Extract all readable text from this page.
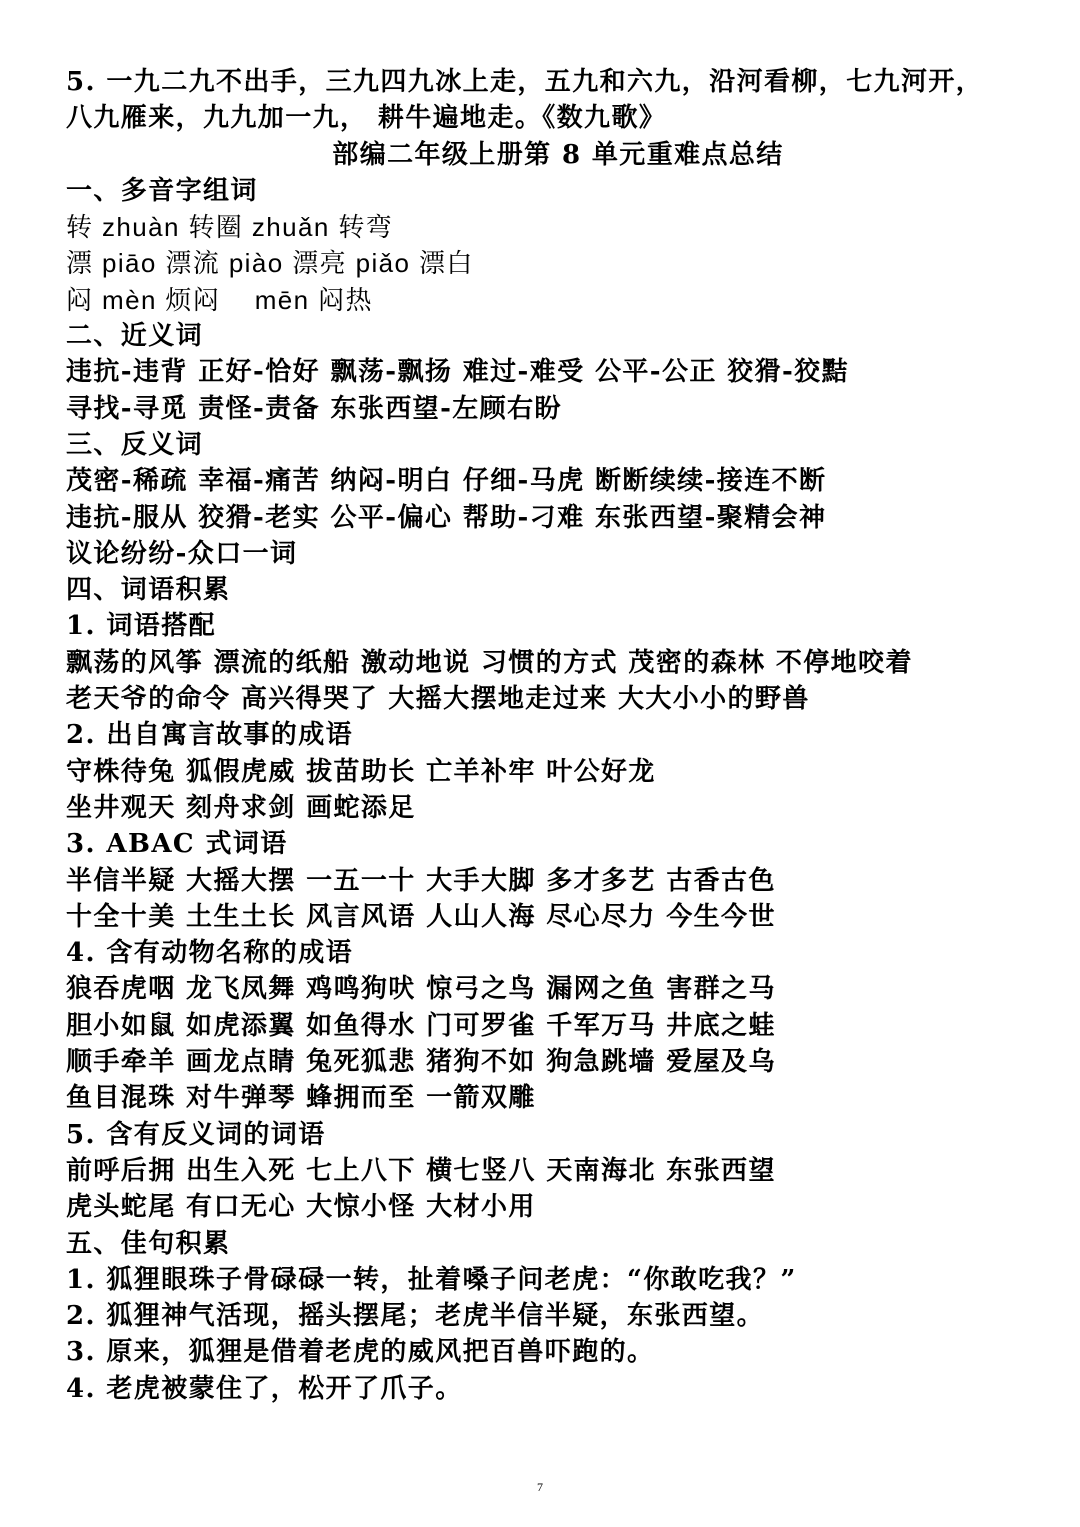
5. 一九二九不出手，三九四九冰上走，五九和六九，沿河看柳，七九河开，
八九雁来，九九加一九， 耕牛遍地走。《数九歌》
部编二年级上册第 8 单元重难点总结
一、多音字组词
转 zhuàn 转圈 zhuǎn 转弯
漂 piāo 漂流 piào 漂亮 piǎo 漂白
闷 mèn 烦闷    mēn 闷热
二、近义词
违抗-违背 正好-恰好 飘荡-飘扬 难过-难受 公平-公正 狡猾-狡黠
寻找-寻觅 责怪-责备 东张西望-左顾右盼
三、反义词
茂密-稀疏 幸福-痛苦 纳闷-明白 仔细-马虎 断断续续-接连不断
违抗-服从 狡猾-老实 公平-偏心 帮助-刁难 东张西望-聚精会神
议论纷纷-众口一词
四、词语积累
1. 词语搭配
飘荡的风筝 漂流的纸船 激动地说 习惯的方式 茂密的森林 不停地咬着
老天爷的命令 高兴得哭了 大摇大摆地走过来 大大小小的野兽
2. 出自寓言故事的成语
守株待兔 狐假虎威 拔苗助长 亡羊补牢 叶公好龙
坐井观天 刻舟求剑 画蛇添足
3. ABAC 式词语
半信半疑 大摇大摆 一五一十 大手大脚 多才多艺 古香古色
十全十美 土生土长 风言风语 人山人海 尽心尽力 今生今世
4. 含有动物名称的成语
狼吞虎咽 龙飞凤舞 鸡鸣狗吠 惊弓之鸟 漏网之鱼 害群之马
胆小如鼠 如虎添翼 如鱼得水 门可罗雀 千军万马 井底之蛙
顺手牵羊 画龙点睛 兔死狐悲 猪狗不如 狗急跳墙 爱屋及乌
鱼目混珠 对牛弹琴 蜂拥而至 一箭双雕
5. 含有反义词的词语
前呼后拥 出生入死 七上八下 横七竖八 天南海北 东张西望
虎头蛇尾 有口无心 大惊小怪 大材小用
五、佳句积累
1. 狐狸眼珠子骨碌碌一转，扯着嗓子问老虎：“你敢吃我？”
2. 狐狸神气活现，摇头摆尾；老虎半信半疑，东张西望。
3. 原来，狐狸是借着老虎的威风把百兽吓跑的。
4. 老虎被蒙住了，松开了爪子。
7
